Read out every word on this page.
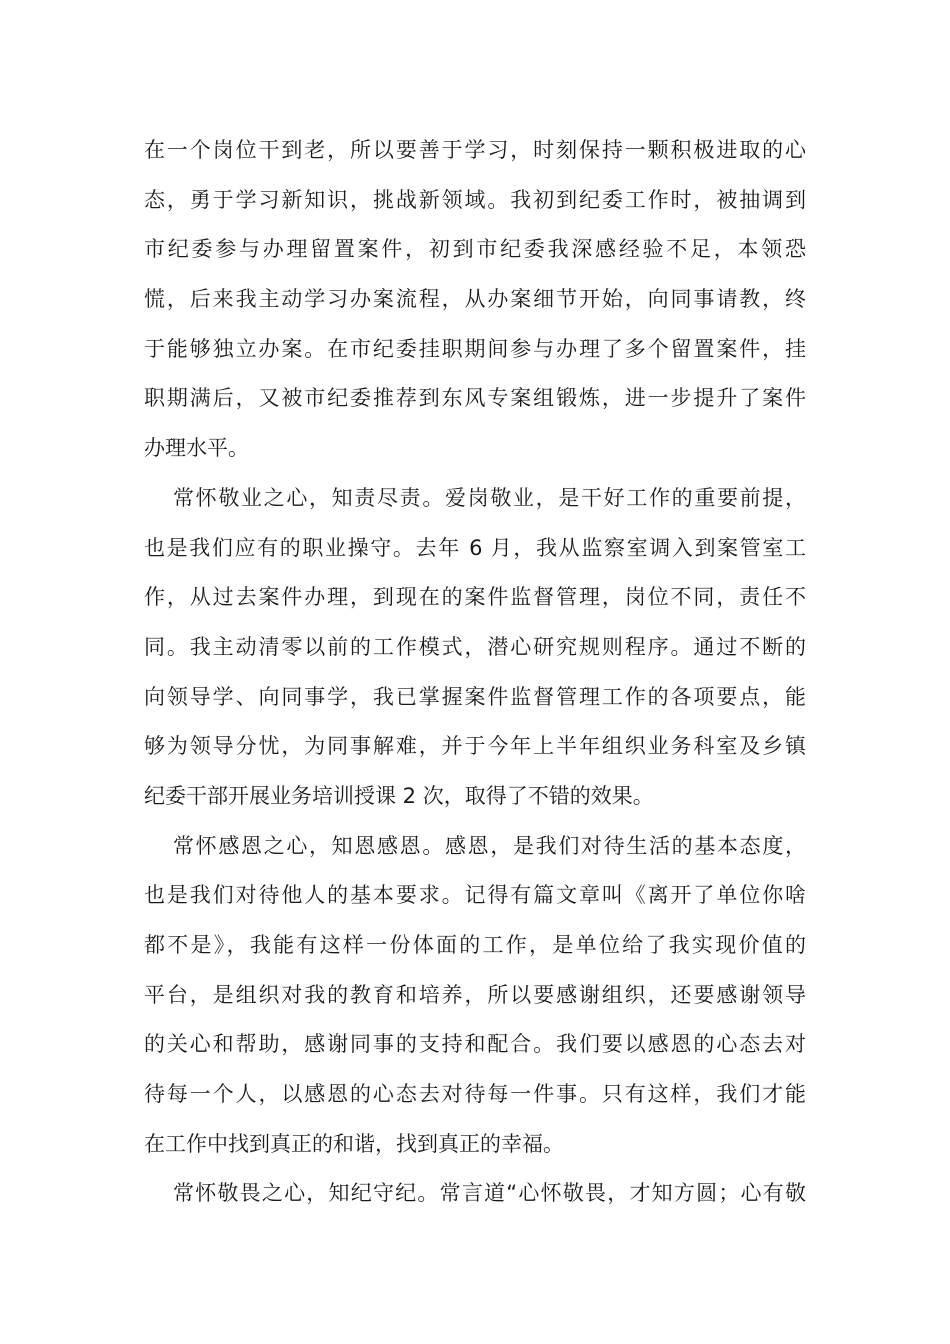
在一个岗位干到老，所以要善于学习，时刻保持一颗积极进取的心
态，勇于学习新知识，挑战新领域。我初到纪委工作时，被抽调到
市纪委参与办理留置案件，初到市纪委我深感经验不足，本领恐
慌，后来我主动学习办案流程，从办案细节开始，向同事请教，终
于能够独立办案。在市纪委挂职期间参与办理了多个留置案件，挂
职期满后，又被市纪委推荐到东风专案组锻炼，进一步提升了案件
办理水平。
常怀敬业之心，知责尽责。爱岗敬业，是干好工作的重要前提，
也是我们应有的职业操守。去年 6 月，我从监察室调入到案管室工
作，从过去案件办理，到现在的案件监督管理，岗位不同，责任不
同。我主动清零以前的工作模式，潜心研究规则程序。通过不断的
向领导学、向同事学，我已掌握案件监督管理工作的各项要点，能
够为领导分忧，为同事解难，并于今年上半年组织业务科室及乡镇
纪委干部开展业务培训授课 2 次，取得了不错的效果。
常怀感恩之心，知恩感恩。感恩，是我们对待生活的基本态度，
也是我们对待他人的基本要求。记得有篇文章叫《离开了单位你啥
都不是》，我能有这样一份体面的工作，是单位给了我实现价值的
平台，是组织对我的教育和培养，所以要感谢组织，还要感谢领导
的关心和帮助，感谢同事的支持和配合。我们要以感恩的心态去对
待每一个人，以感恩的心态去对待每一件事。只有这样，我们才能
在工作中找到真正的和谐，找到真正的幸福。
常怀敬畏之心，知纪守纪。常言道“心怀敬畏，才知方圆；心有敬
